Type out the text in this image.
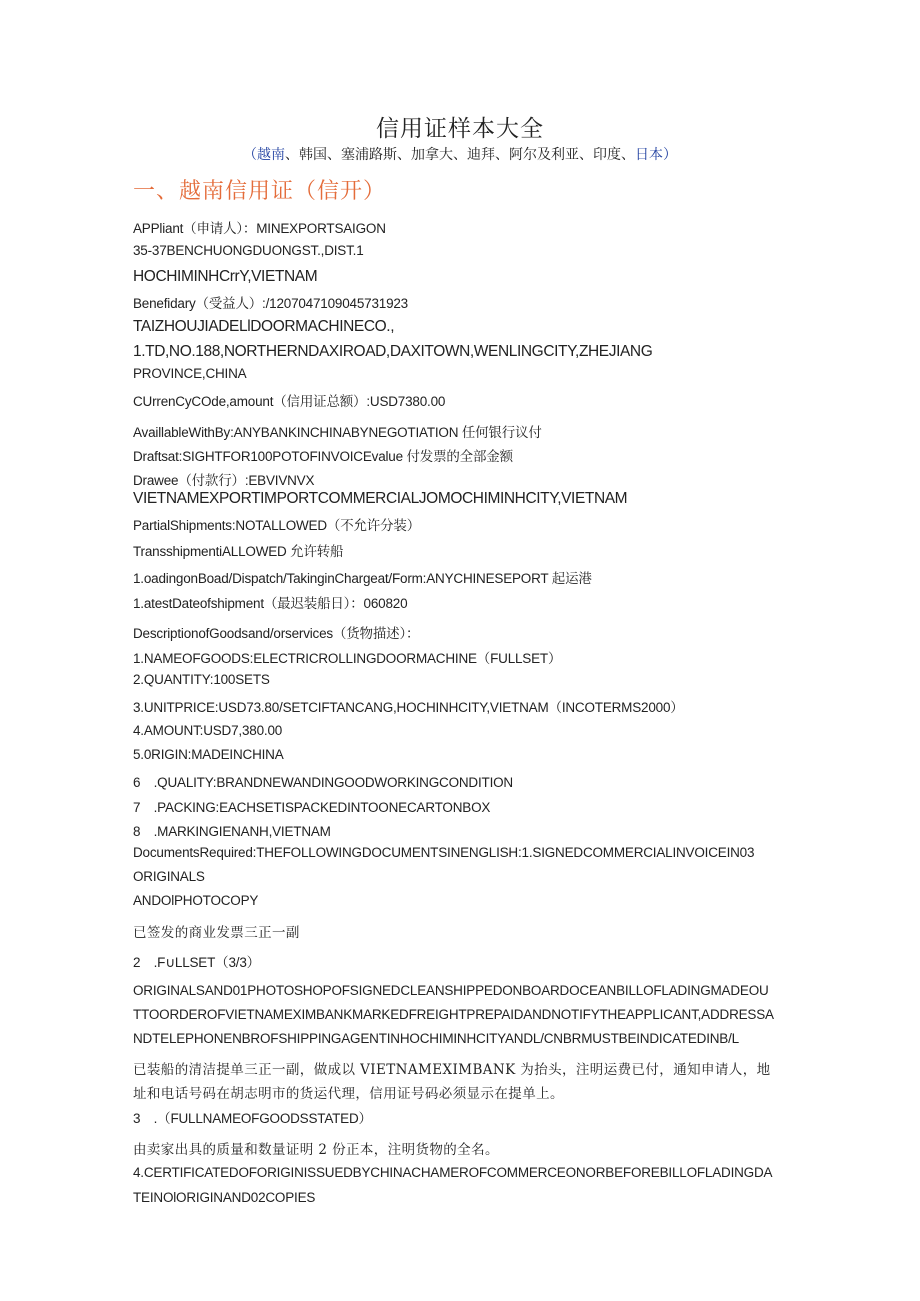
信用证样本大全
（越南、韩国、塞浦路斯、加拿大、迪拜、阿尔及利亚、印度、日本）
一、越南信用证（信开）
APPliant（申请人）：MINEXPORTSAIGON
35-37BENCHUONGDUONGST.,DIST.1
HOCHIMINHCrrY,VIETNAM
Benefidary（受益人）:/1207047109045731923
TAIZHOUJIADELlDOORMACHINECO.,
1.TD,NO.188,NORTHERNDAXIROAD,DAXITOWN,WENLINGCITY,ZHEJIANG
PROVINCE,CHINA
CUrrenCyCOde,amount（信用证总额）:USD7380.00
AvaillableWithBy:ANYBANKINCHINABYNEGOTIATION 任何银行议付
Draftsat:SIGHTFOR100POTOFINVOICEvalue 付发票的全部金额
Drawee（付款行）:EBVIVNVX
VIETNAMEXPORTIMPORTCOMMERCIALJOMOCHIMINHCITY,VIETNAM
PartialShipments:NOTALLOWED（不允许分装）
TransshipmentiALLOWED 允许转船
1.oadingonBoad/Dispatch/TakinginChargeat/Form:ANYCHINESEPORT 起运港
1.atestDateofshipment（最迟装船日）：060820
DescriptionofGoodsand/orservices（货物描述）：
1.NAMEOFGOODS:ELECTRICROLLINGDOORMACHINE（FULLSET）
2.QUANTITY:100SETS
3.UNITPRICE:USD73.80/SETCIFTANCANG,HOCHINHCITY,VIETNAM（INCOTERMS2000）
4.AMOUNT:USD7,380.00
5.0RIGIN:MADEINCHINA
6　.QUALITY:BRANDNEWANDINGOODWORKINGCONDITION
7　.PACKING:EACHSETISPACKEDINTOONECARTONBOX
8　.MARKINGIENANH,VIETNAM
DocumentsRequired:THEFOLLOWINGDOCUMENTSINENGLISH:1.SIGNEDCOMMERCIALINVOICEIN03
ORIGINALS
ANDOlPHOTOCOPY
已签发的商业发票三正一副
2　.F∪LLSET（3/3）
ORIGINALSAND01PHOTOSHOPOFSIGNEDCLEANSHIPPEDONBOARDOCEANBILLOFLADINGMADEOU
TTOORDEROFVIETNAMEXIMBANKMARKEDFREIGHTPREPAIDANDNOTIFYTHEAPPLICANT,ADDRESSA
NDTELEPHONENBROFSHIPPINGAGENTINHOCHIMINHCITYANDL/CNBRMUSTBEINDICATEDINB/L
已装船的清洁提单三正一副，做成以 VIETNAMEXIMBANK 为抬头，注明运费已付，通知申请人，地
址和电话号码在胡志明市的货运代理，信用证号码必须显示在提单上。
3　.（FULLNAMEOFGOODSSTATED）
由卖家出具的质量和数量证明 2 份正本，注明货物的全名。
4.CERTIFICATEDOFORIGINISSUEDBYCHINACHAMEROFCOMMERCEONORBEFOREBILLOFLADINGDA
TEINOlORIGINAND02COPIES
